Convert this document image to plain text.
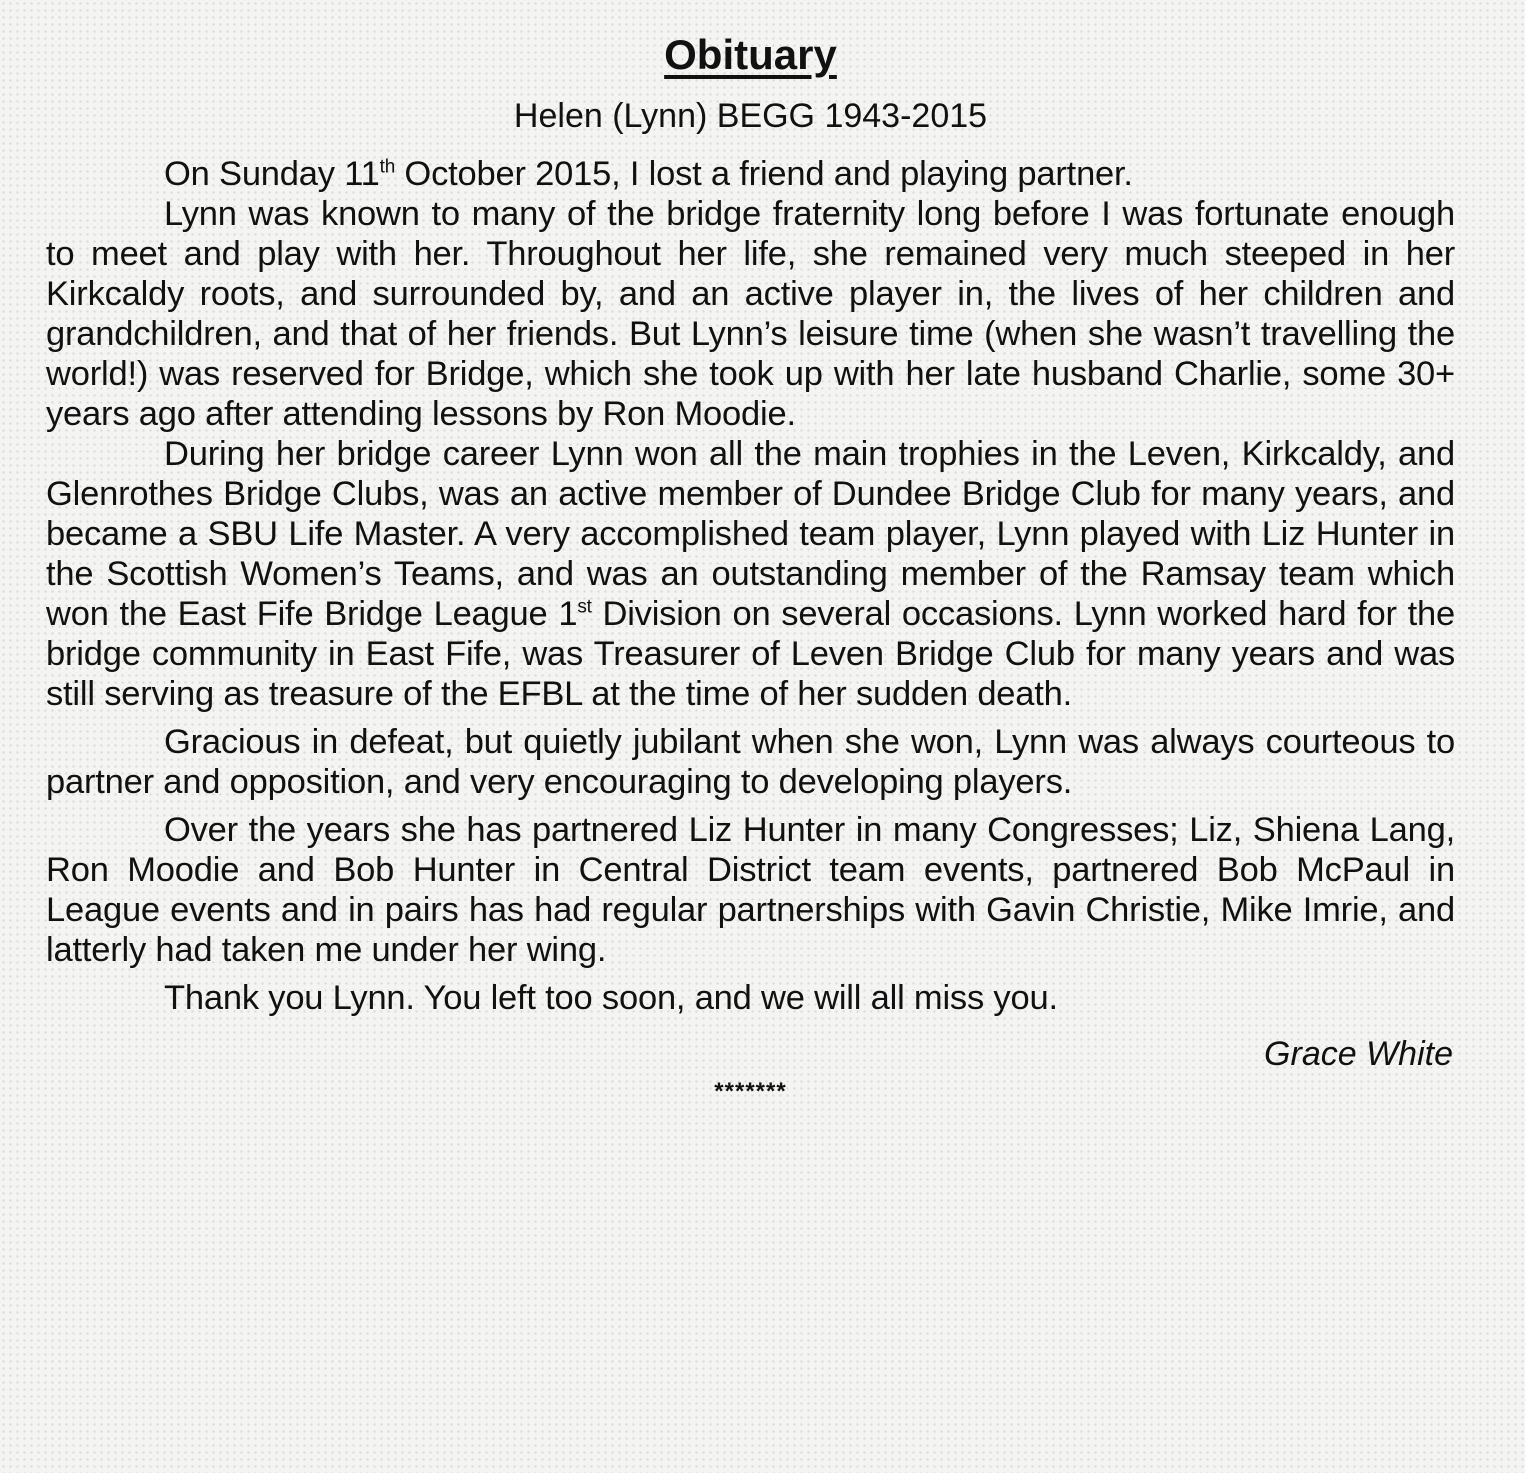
Obituary
Helen (Lynn) BEGG 1943-2015

On Sunday 11th October 2015, I lost a friend and playing partner.

Lynn was known to many of the bridge fraternity long before I was fortunate enough to meet and play with her. Throughout her life, she remained very much steeped in her Kirkcaldy roots, and surrounded by, and an active player in, the lives of her children and grandchildren, and that of her friends. But Lynn’s leisure time (when she wasn’t travelling the world!) was reserved for Bridge, which she took up with her late husband Charlie, some 30+ years ago after attending lessons by Ron Moodie.

During her bridge career Lynn won all the main trophies in the Leven, Kirkcaldy, and Glenrothes Bridge Clubs, was an active member of Dundee Bridge Club for many years, and became a SBU Life Master. A very accomplished team player, Lynn played with Liz Hunter in the Scottish Women’s Teams, and was an outstanding member of the Ramsay team which won the East Fife Bridge League 1st Division on several occasions. Lynn worked hard for the bridge community in East Fife, was Treasurer of Leven Bridge Club for many years and was still serving as treasure of the EFBL at the time of her sudden death.

Gracious in defeat, but quietly jubilant when she won, Lynn was always courteous to partner and opposition, and very encouraging to developing players.

Over the years she has partnered Liz Hunter in many Congresses; Liz, Shiena Lang, Ron Moodie and Bob Hunter in Central District team events, partnered Bob McPaul in League events and in pairs has had regular partnerships with Gavin Christie, Mike Imrie, and latterly had taken me under her wing.

Thank you Lynn. You left too soon, and we will all miss you.

Grace White
*******
